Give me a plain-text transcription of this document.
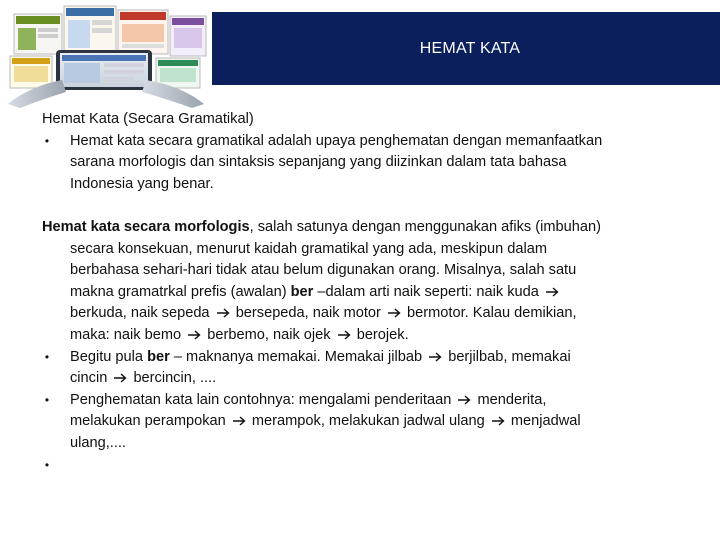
HEMAT KATA
Hemat Kata (Secara Gramatikal)
• Hemat kata secara gramatikal adalah upaya penghematan dengan memanfaatkan
sarana morfologis dan sintaksis sepanjang yang diizinkan dalam tata bahasa
Indonesia yang benar.
Hemat kata secara morfologis, salah satunya dengan menggunakan afiks (imbuhan)
secara konsekuan, menurut kaidah gramatikal yang ada, meskipun dalam
berbahasa sehari-hari tidak atau belum digunakan orang. Misalnya, salah satu
makna gramatrkal prefis (awalan) ber –dalam arti naik seperti: naik kuda
berkuda, naik sepeda bersepeda, naik motor bermotor. Kalau demikian,
maka: naik bemo berbemo, naik ojek berojek.
• Begitu pula ber – maknanya memakai. Memakai jilbab berjilbab, memakai
cincin bercincin, ....
• Penghematan kata lain contohnya: mengalami penderitaan menderita,
melakukan perampokan merampok, melakukan jadwal ulang menjadwal
ulang,....
•
